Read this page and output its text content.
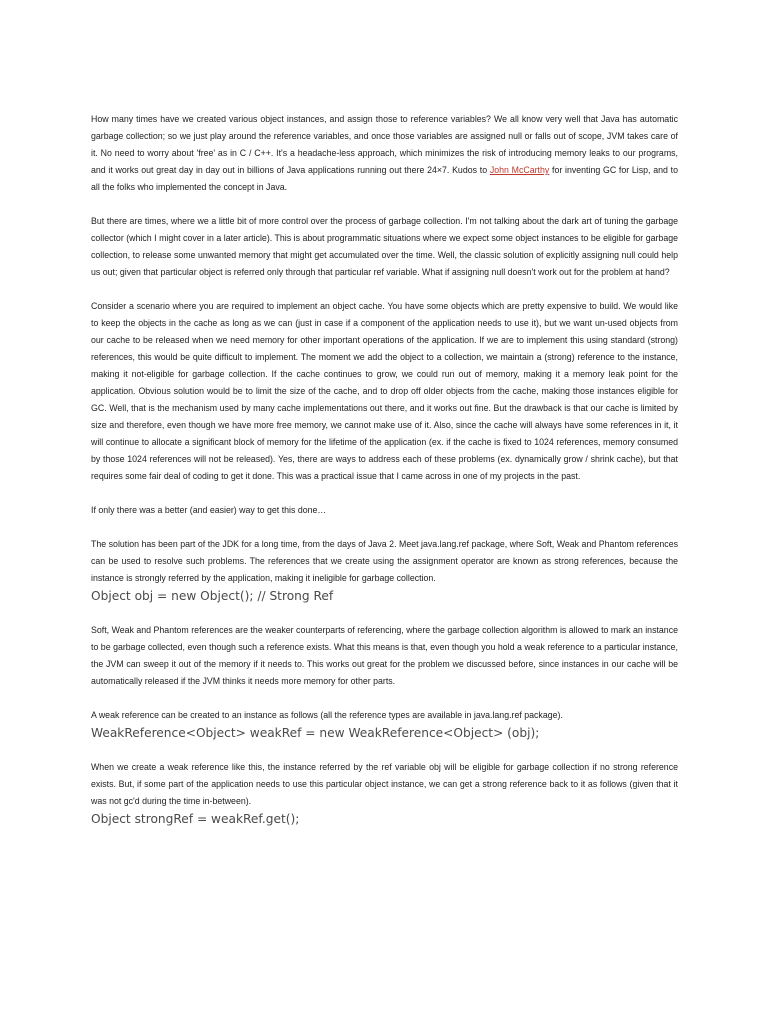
How many times have we created various object instances, and assign those to reference variables? We all know very well that Java has automatic garbage collection; so we just play around the reference variables, and once those variables are assigned null or falls out of scope, JVM takes care of it. No need to worry about 'free' as in C / C++. It's a headache-less approach, which minimizes the risk of introducing memory leaks to our programs, and it works out great day in day out in billions of Java applications running out there 24×7. Kudos to John McCarthy for inventing GC for Lisp, and to all the folks who implemented the concept in Java.

But there are times, where we a little bit of more control over the process of garbage collection. I'm not talking about the dark art of tuning the garbage collector (which I might cover in a later article). This is about programmatic situations where we expect some object instances to be eligible for garbage collection, to release some unwanted memory that might get accumulated over the time. Well, the classic solution of explicitly assigning null could help us out; given that particular object is referred only through that particular ref variable. What if assigning null doesn't work out for the problem at hand?

Consider a scenario where you are required to implement an object cache. You have some objects which are pretty expensive to build. We would like to keep the objects in the cache as long as we can (just in case if a component of the application needs to use it), but we want un-used objects from our cache to be released when we need memory for other important operations of the application. If we are to implement this using standard (strong) references, this would be quite difficult to implement. The moment we add the object to a collection, we maintain a (strong) reference to the instance, making it not-eligible for garbage collection. If the cache continues to grow, we could run out of memory, making it a memory leak point for the application. Obvious solution would be to limit the size of the cache, and to drop off older objects from the cache, making those instances eligible for GC. Well, that is the mechanism used by many cache implementations out there, and it works out fine. But the drawback is that our cache is limited by size and therefore, even though we have more free memory, we cannot make use of it. Also, since the cache will always have some references in it, it will continue to allocate a significant block of memory for the lifetime of the application (ex. if the cache is fixed to 1024 references, memory consumed by those 1024 references will not be released). Yes, there are ways to address each of these problems (ex. dynamically grow / shrink cache), but that requires some fair deal of coding to get it done. This was a practical issue that I came across in one of my projects in the past.

If only there was a better (and easier) way to get this done…

The solution has been part of the JDK for a long time, from the days of Java 2. Meet java.lang.ref package, where Soft, Weak and Phantom references can be used to resolve such problems. The references that we create using the assignment operator are known as strong references, because the instance is strongly referred by the application, making it ineligible for garbage collection.

Object obj = new Object(); // Strong Ref

Soft, Weak and Phantom references are the weaker counterparts of referencing, where the garbage collection algorithm is allowed to mark an instance to be garbage collected, even though such a reference exists. What this means is that, even though you hold a weak reference to a particular instance, the JVM can sweep it out of the memory if it needs to. This works out great for the problem we discussed before, since instances in our cache will be automatically released if the JVM thinks it needs more memory for other parts.

A weak reference can be created to an instance as follows (all the reference types are available in java.lang.ref package).

WeakReference<Object> weakRef = new WeakReference<Object> (obj);

When we create a weak reference like this, the instance referred by the ref variable obj will be eligible for garbage collection if no strong reference exists. But, if some part of the application needs to use this particular object instance, we can get a strong reference back to it as follows (given that it was not gc'd during the time in-between).

Object strongRef = weakRef.get();
